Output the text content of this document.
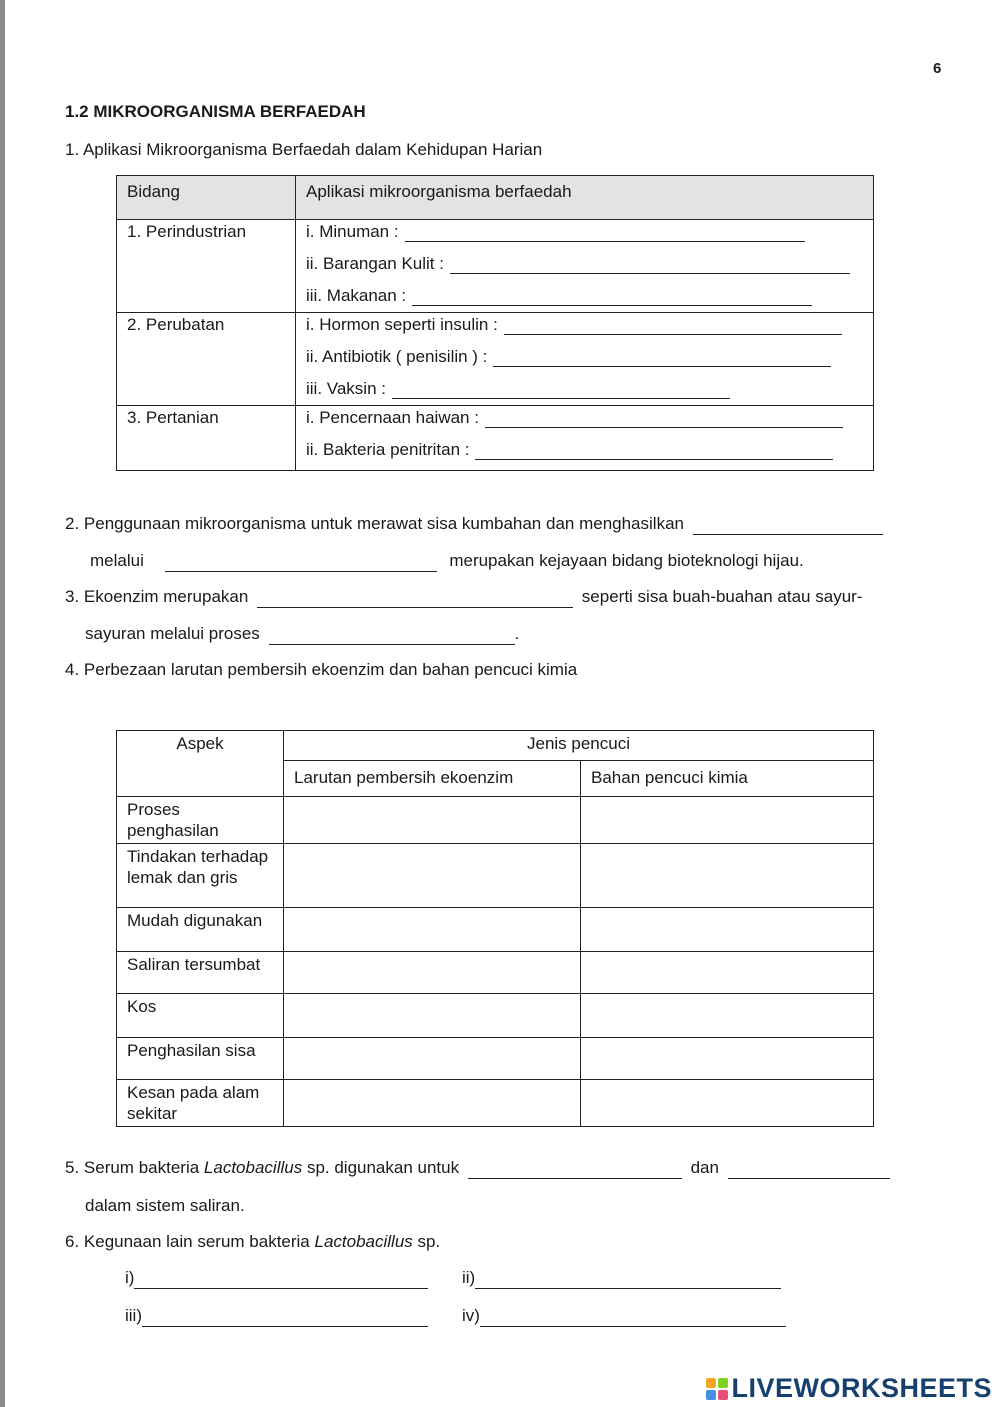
6
1.2 MIKROORGANISMA BERFAEDAH
1. Aplikasi Mikroorganisma Berfaedah dalam Kehidupan Harian
Bidang	Aplikasi mikroorganisma berfaedah

1. Perindustrian	i. Minuman :
ii. Barangan Kulit :
iii. Makanan :

2. Perubatan	i. Hormon seperti insulin :
ii. Antibiotik ( penisilin ) :
iii. Vaksin :

3. Pertanian	i. Pencernaan haiwan :
ii. Bakteria penitritan :
2. Penggunaan mikroorganisma untuk merawat sisa kumbahan dan menghasilkan
melalui	merupakan kejayaan bidang bioteknologi hijau.
3. Ekoenzim merupakan	seperti sisa buah-buahan atau sayur-
sayuran melalui proses	.
4. Perbezaan larutan pembersih ekoenzim dan bahan pencuci kimia
Aspek	Jenis pencuci	
	Larutan pembersih ekoenzim	Bahan pencuci kimia
Proses penghasilan		
Tindakan terhadap lemak dan gris		
Mudah digunakan		
Saliran tersumbat		
Kos		
Penghasilan sisa		
Kesan pada alam sekitar		
5. Serum bakteria Lactobacillus sp. digunakan untuk	dan
dalam sistem saliran.
6. Kegunaan lain serum bakteria Lactobacillus sp.
i)	ii)
iii)	iv)
LIVEWORKSHEETS
